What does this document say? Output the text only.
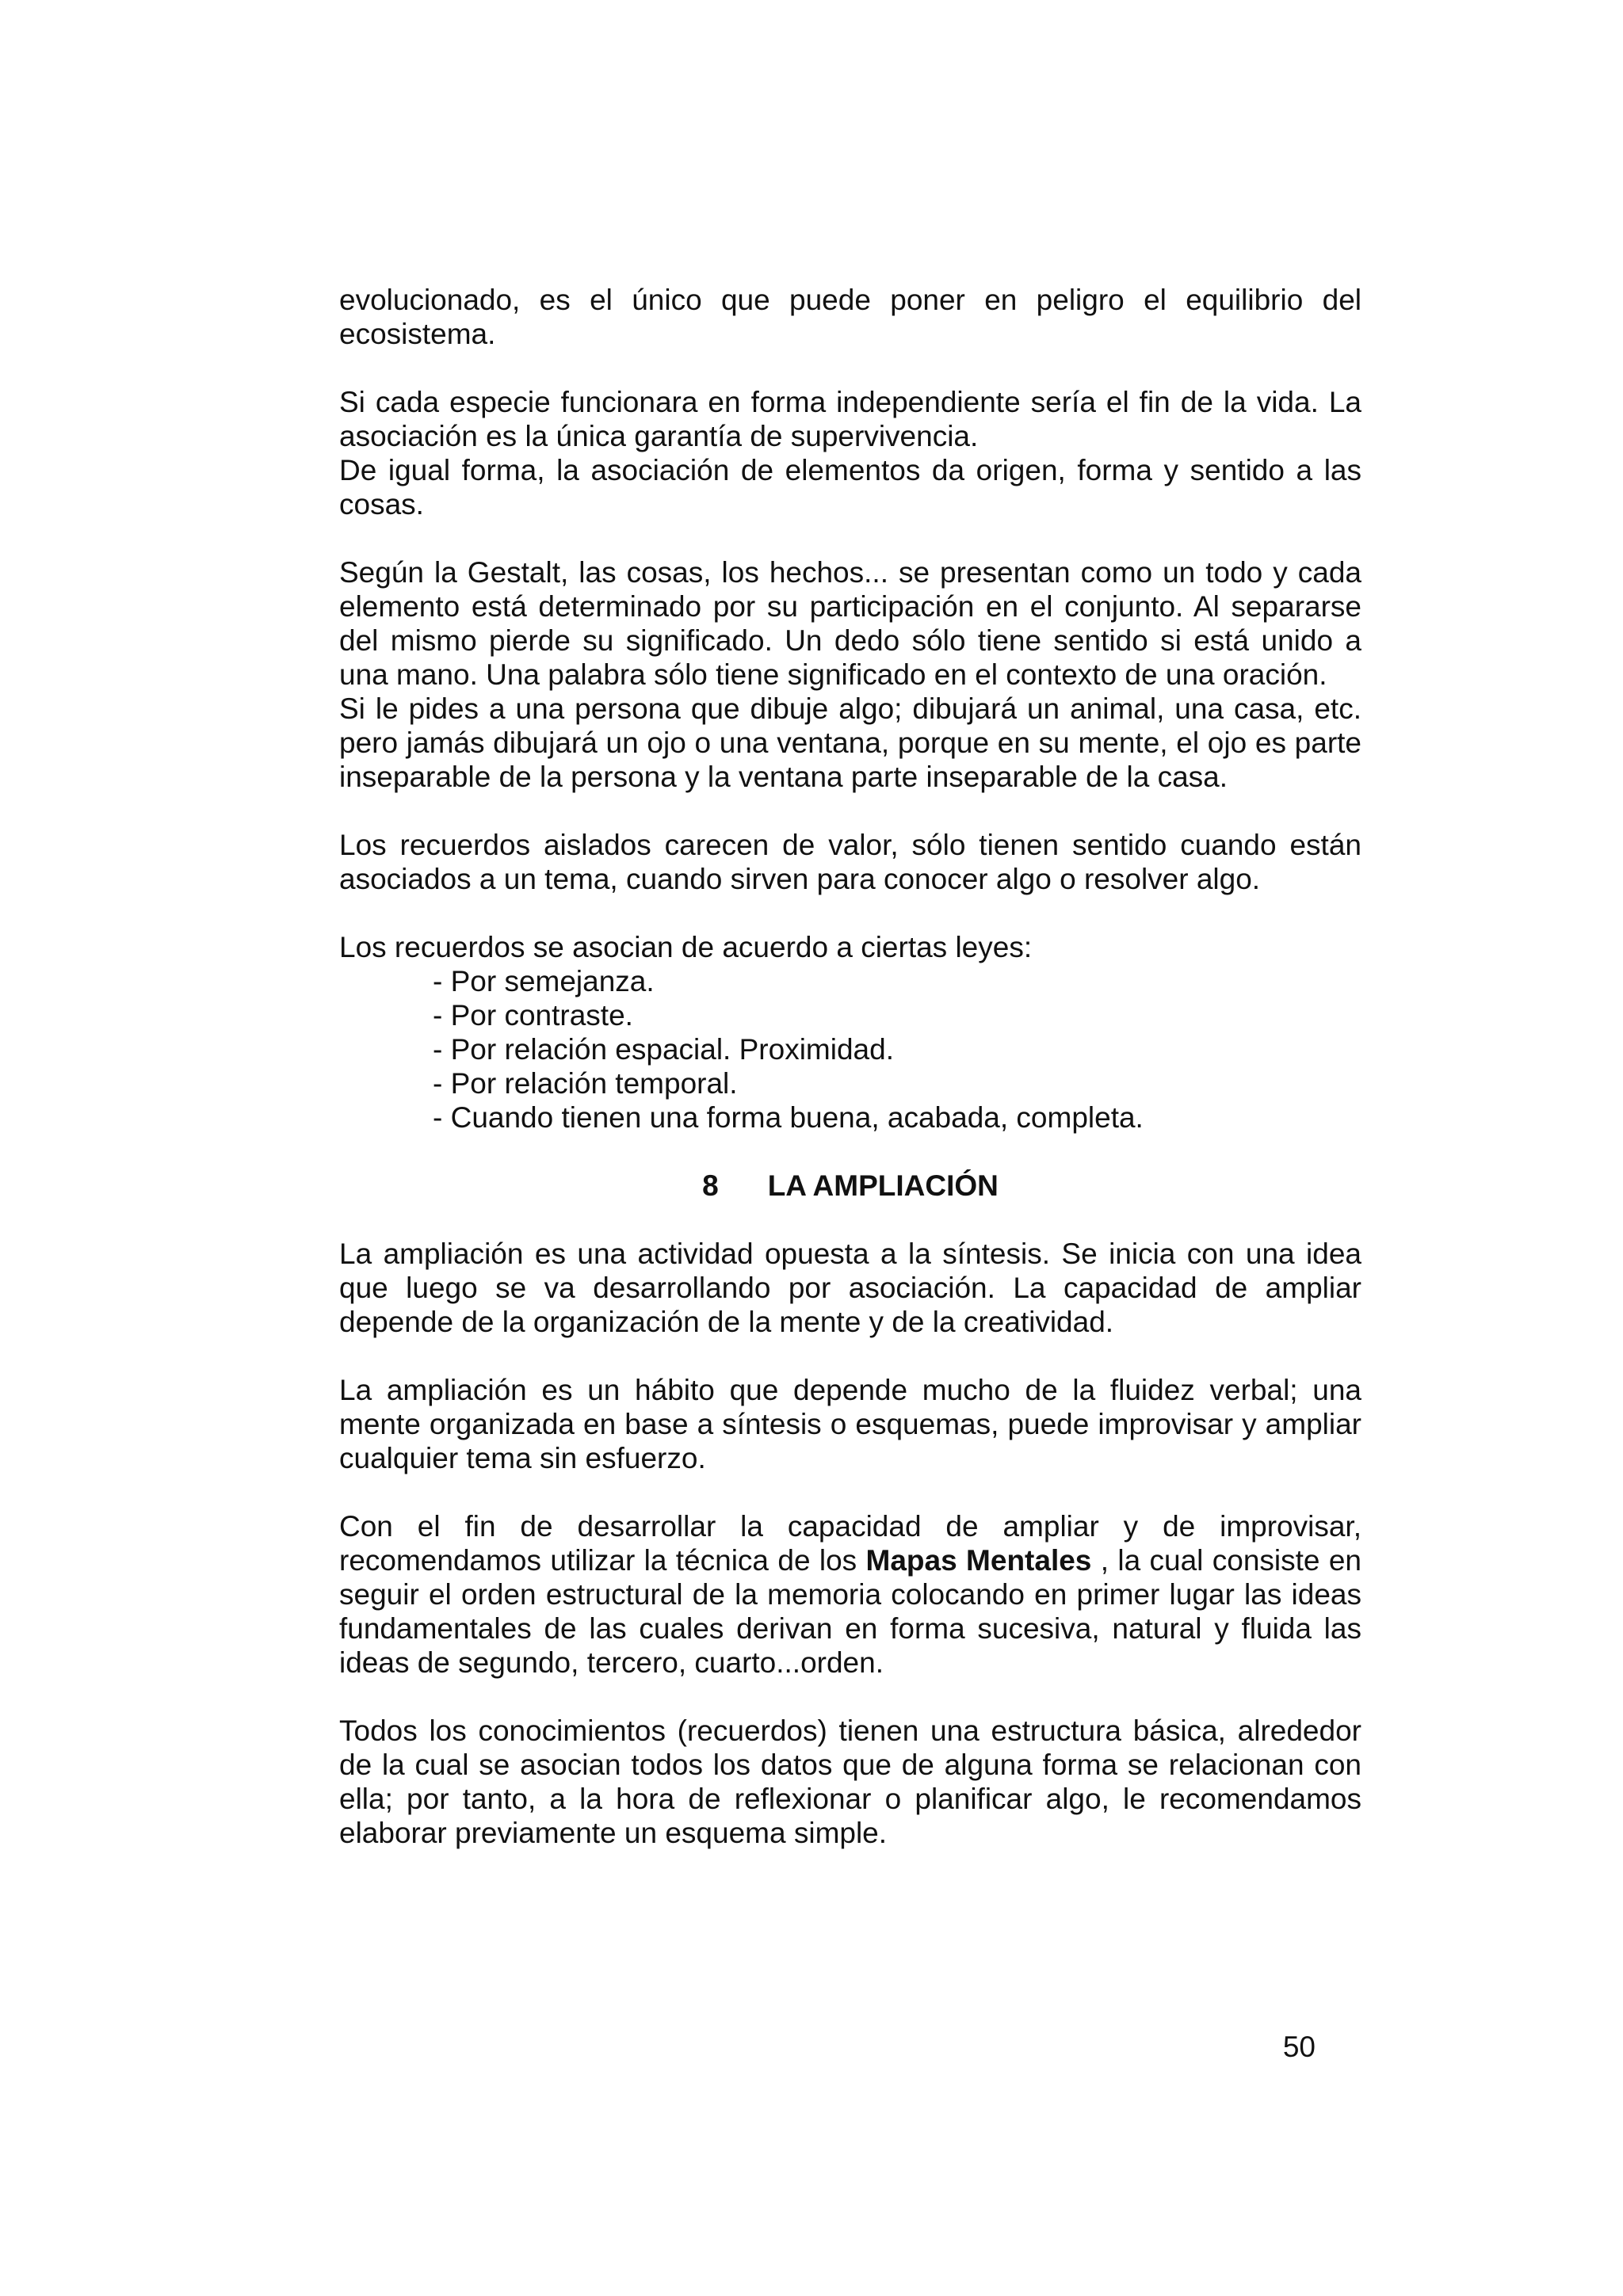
evolucionado, es el único que puede poner en peligro el equilibrio del
ecosistema.

Si cada especie funcionara en forma independiente sería el fin de la vida. La
asociación es la única garantía de supervivencia.
De igual forma, la asociación de elementos da origen, forma y sentido a las
cosas.

Según la Gestalt, las cosas, los hechos... se presentan como un todo y cada
elemento está determinado por su participación en el conjunto. Al separarse
del mismo pierde su significado. Un dedo sólo tiene sentido si está unido a
una mano. Una palabra sólo tiene significado en el contexto de una oración.
Si le pides a una persona que dibuje algo; dibujará un animal, una casa, etc.
pero jamás dibujará un ojo o una ventana, porque en su mente, el ojo es parte
inseparable de la persona y la ventana parte inseparable de la casa.

Los recuerdos aislados carecen de valor, sólo tienen sentido cuando están
asociados a un tema, cuando sirven para conocer algo o resolver algo.

Los recuerdos se asocian de acuerdo a ciertas leyes:
- Por semejanza.
- Por contraste.
- Por relación espacial. Proximidad.
- Por relación temporal.
- Cuando tienen una forma buena, acabada, completa.
8 LA AMPLIACIÓN

La ampliación es una actividad opuesta a la síntesis. Se inicia con una idea
que luego se va desarrollando por asociación. La capacidad de ampliar
depende de la organización de la mente y de la creatividad.

La ampliación es un hábito que depende mucho de la fluidez verbal; una
mente organizada en base a síntesis o esquemas, puede improvisar y ampliar
cualquier tema sin esfuerzo.

Con el fin de desarrollar la capacidad de ampliar y de improvisar,
recomendamos utilizar la técnica de los Mapas Mentales , la cual consiste en
seguir el orden estructural de la memoria colocando en primer lugar las ideas
fundamentales de las cuales derivan en forma sucesiva, natural y fluida las
ideas de segundo, tercero, cuarto...orden.

Todos los conocimientos (recuerdos) tienen una estructura básica, alrededor
de la cual se asocian todos los datos que de alguna forma se relacionan con
ella; por tanto, a la hora de reflexionar o planificar algo, le recomendamos
elaborar previamente un esquema simple.

50
